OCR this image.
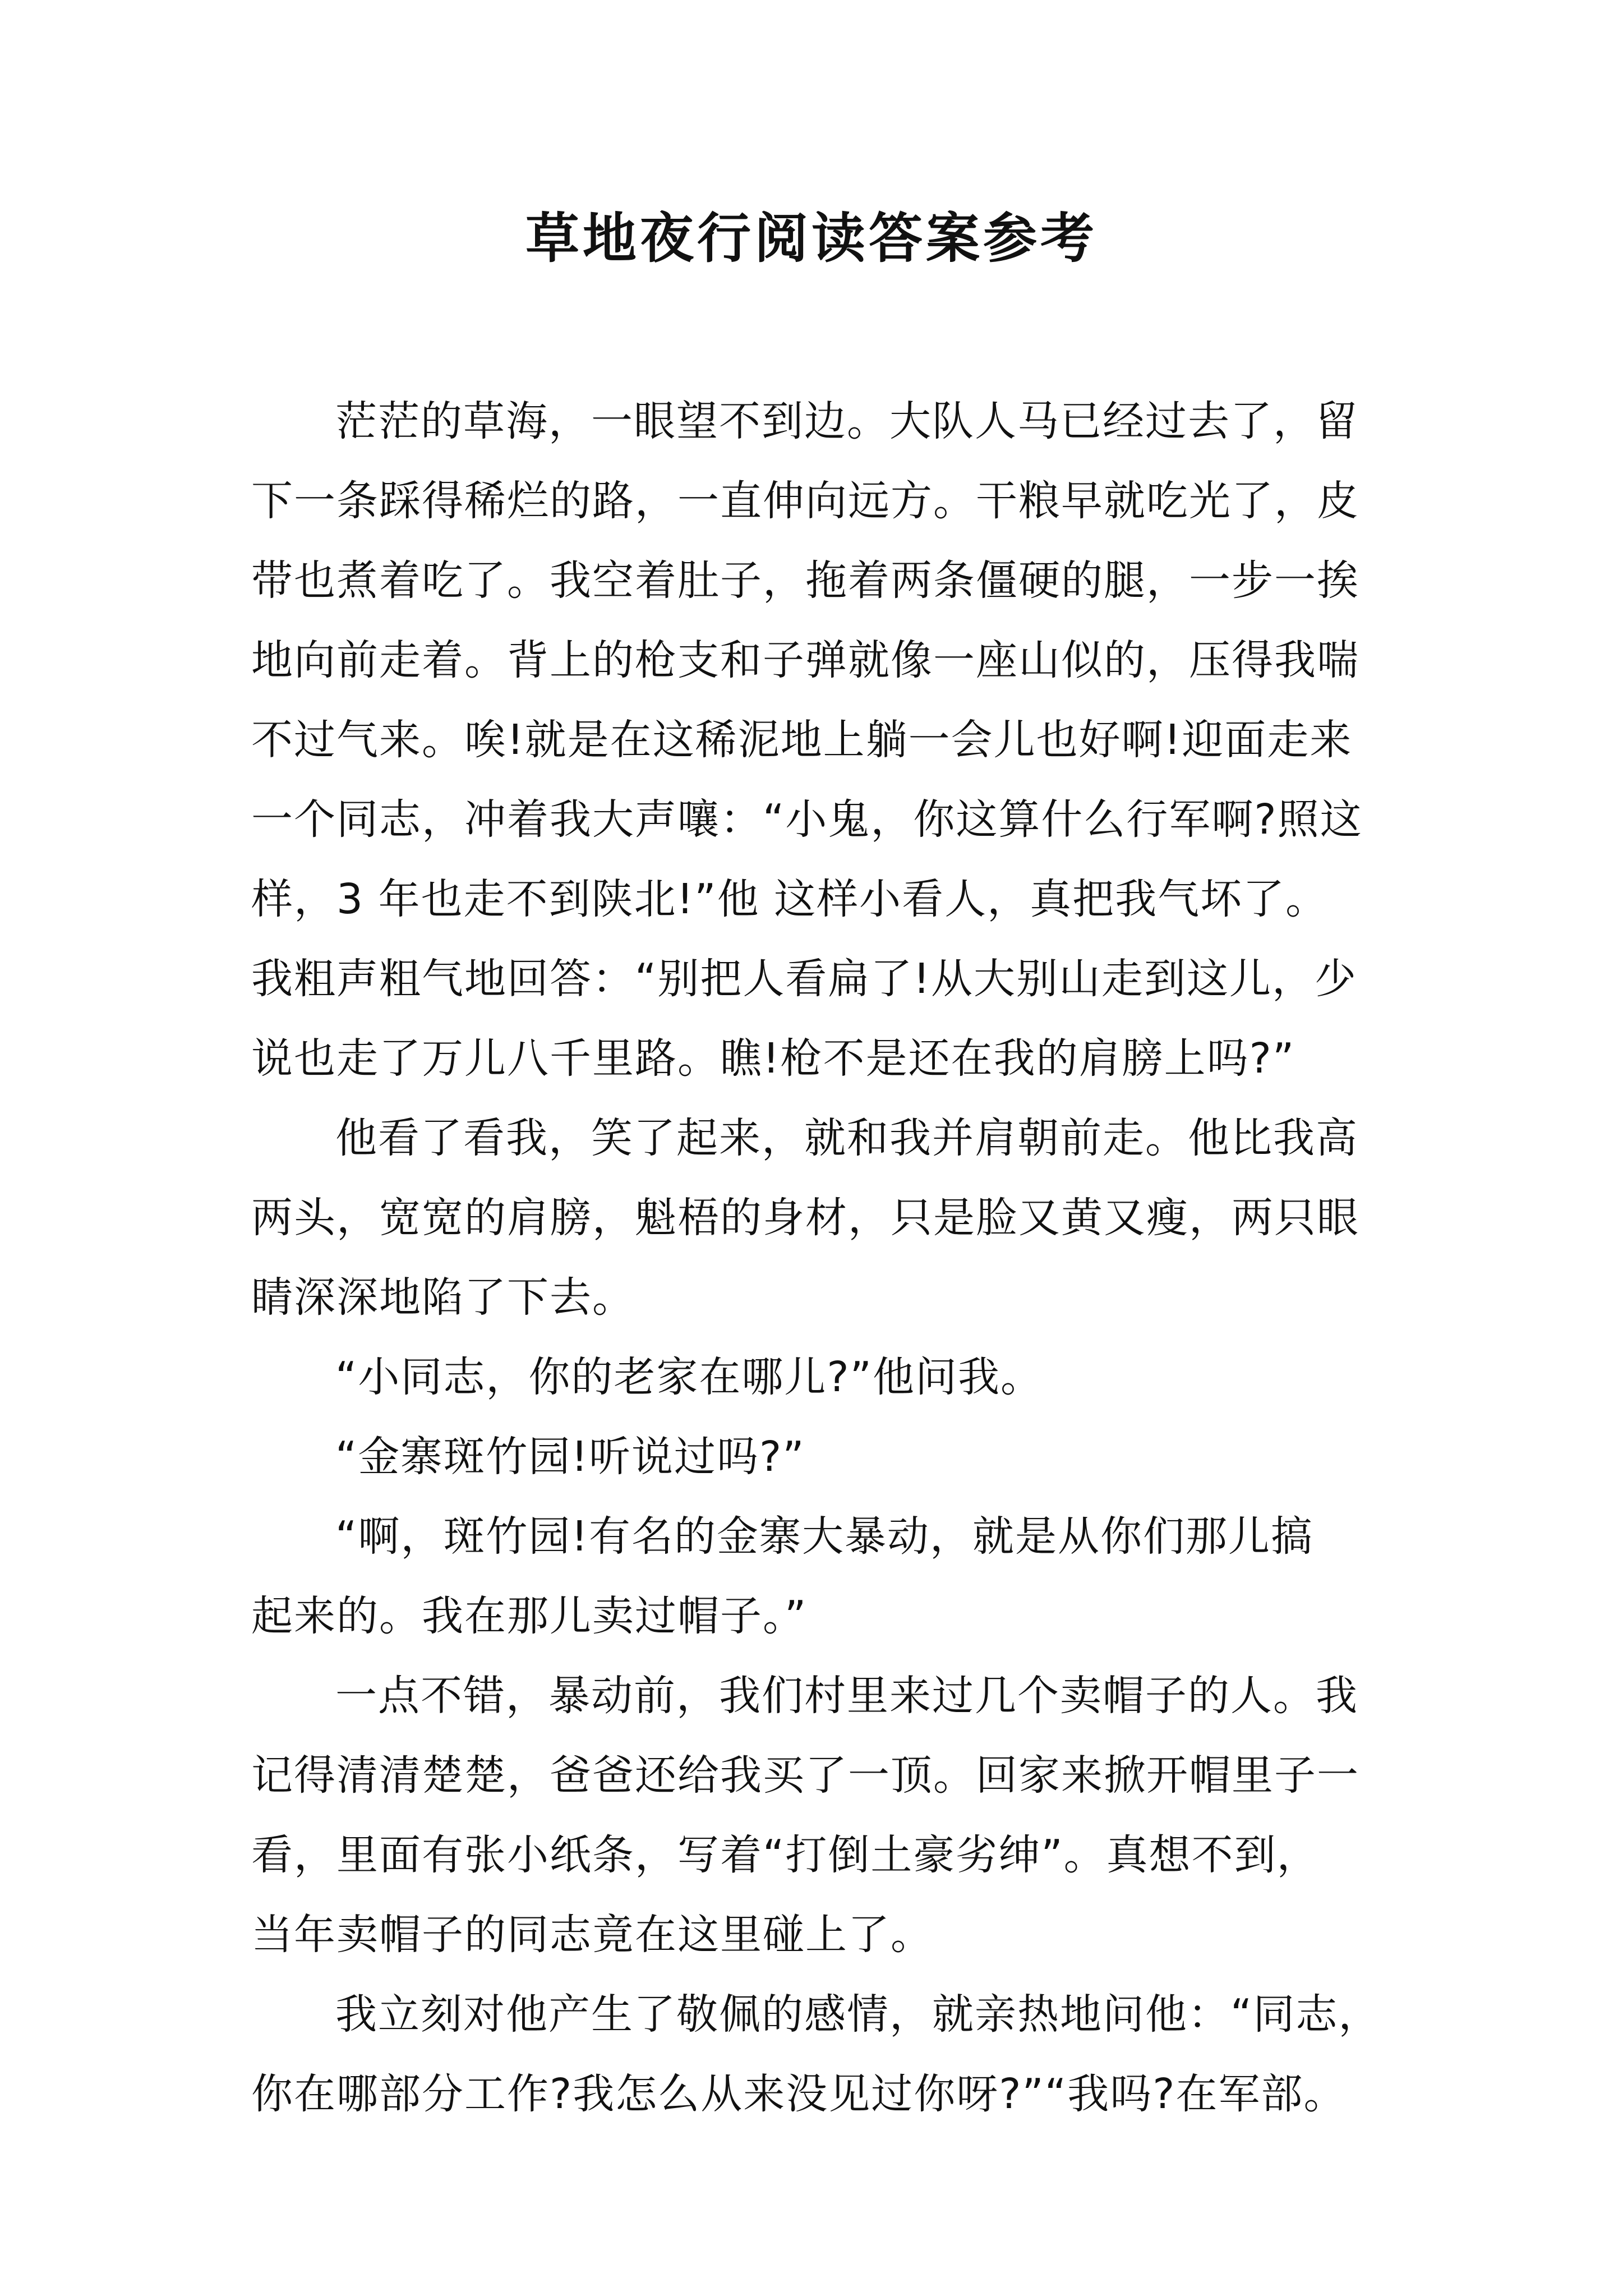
草地夜行阅读答案参考
茫茫的草海，一眼望不到边。大队人马已经过去了，留
下一条踩得稀烂的路，一直伸向远方。干粮早就吃光了，皮
带也煮着吃了。我空着肚子，拖着两条僵硬的腿，一步一挨
地向前走着。背上的枪支和子弹就像一座山似的，压得我喘
不过气来。唉!就是在这稀泥地上躺一会儿也好啊!迎面走来
一个同志，冲着我大声嚷：“小鬼，你这算什么行军啊?照这
样，3 年也走不到陕北!”他 这样小看人，真把我气坏了。
我粗声粗气地回答：“别把人看扁了!从大别山走到这儿，少
说也走了万儿八千里路。瞧!枪不是还在我的肩膀上吗?”
他看了看我，笑了起来，就和我并肩朝前走。他比我高
两头，宽宽的肩膀，魁梧的身材，只是脸又黄又瘦，两只眼
睛深深地陷了下去。
“小同志，你的老家在哪儿?”他问我。
“金寨斑竹园!听说过吗?”
“啊，斑竹园!有名的金寨大暴动，就是从你们那儿搞
起来的。我在那儿卖过帽子。”
一点不错，暴动前，我们村里来过几个卖帽子的人。我
记得清清楚楚，爸爸还给我买了一顶。回家来掀开帽里子一
看，里面有张小纸条，写着“打倒土豪劣绅”。真想不到，
当年卖帽子的同志竟在这里碰上了。
我立刻对他产生了敬佩的感情，就亲热地问他：“同志，
你在哪部分工作?我怎么从来没见过你呀?”“我吗?在军部。
